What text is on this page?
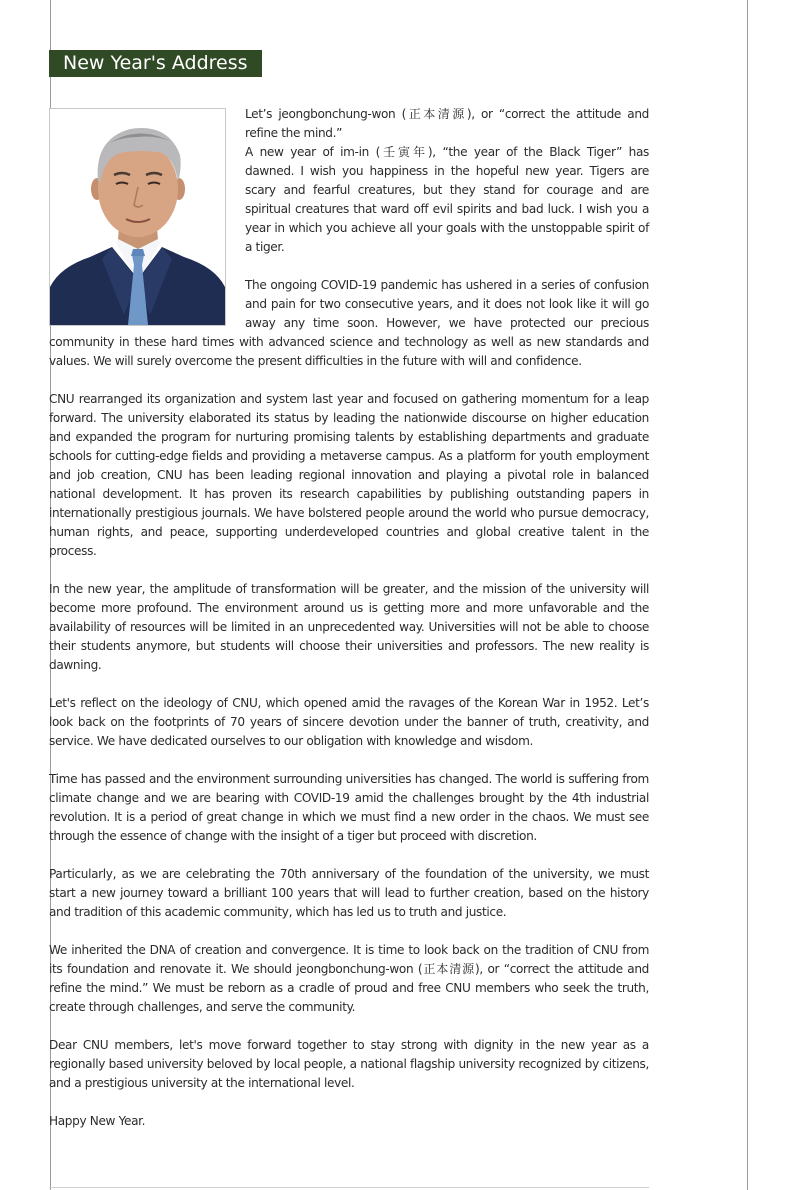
New Year's Address

Let’s jeongbonchung-won (正本清源), or “correct the attitude and refine the mind.”

A new year of im-in (壬寅年), “the year of the Black Tiger” has dawned. I wish you happiness in the hopeful new year. Tigers are scary and fearful creatures, but they stand for courage and are spiritual creatures that ward off evil spirits and bad luck. I wish you a year in which you achieve all your goals with the unstoppable spirit of a tiger.

The ongoing COVID-19 pandemic has ushered in a series of confusion and pain for two consecutive years, and it does not look like it will go away any time soon. However, we have protected our precious community in these hard times with advanced science and technology as well as new standards and values. We will surely overcome the present difficulties in the future with will and confidence.

CNU rearranged its organization and system last year and focused on gathering momentum for a leap forward. The university elaborated its status by leading the nationwide discourse on higher education and expanded the program for nurturing promising talents by establishing departments and graduate schools for cutting-edge fields and providing a metaverse campus. As a platform for youth employment and job creation, CNU has been leading regional innovation and playing a pivotal role in balanced national development. It has proven its research capabilities by publishing outstanding papers in internationally prestigious journals. We have bolstered people around the world who pursue democracy, human rights, and peace, supporting underdeveloped countries and global creative talent in the process.

In the new year, the amplitude of transformation will be greater, and the mission of the university will become more profound. The environment around us is getting more and more unfavorable and the availability of resources will be limited in an unprecedented way. Universities will not be able to choose their students anymore, but students will choose their universities and professors. The new reality is dawning.

Let's reflect on the ideology of CNU, which opened amid the ravages of the Korean War in 1952. Let’s look back on the footprints of 70 years of sincere devotion under the banner of truth, creativity, and service. We have dedicated ourselves to our obligation with knowledge and wisdom.

Time has passed and the environment surrounding universities has changed. The world is suffering from climate change and we are bearing with COVID-19 amid the challenges brought by the 4th industrial revolution. It is a period of great change in which we must find a new order in the chaos. We must see through the essence of change with the insight of a tiger but proceed with discretion.

Particularly, as we are celebrating the 70th anniversary of the foundation of the university, we must start a new journey toward a brilliant 100 years that will lead to further creation, based on the history and tradition of this academic community, which has led us to truth and justice.

We inherited the DNA of creation and convergence. It is time to look back on the tradition of CNU from its foundation and renovate it. We should jeongbonchung-won (正本清源), or “correct the attitude and refine the mind.” We must be reborn as a cradle of proud and free CNU members who seek the truth, create through challenges, and serve the community.

Dear CNU members, let's move forward together to stay strong with dignity in the new year as a regionally based university beloved by local people, a national flagship university recognized by citizens, and a prestigious university at the international level.

Happy New Year.
